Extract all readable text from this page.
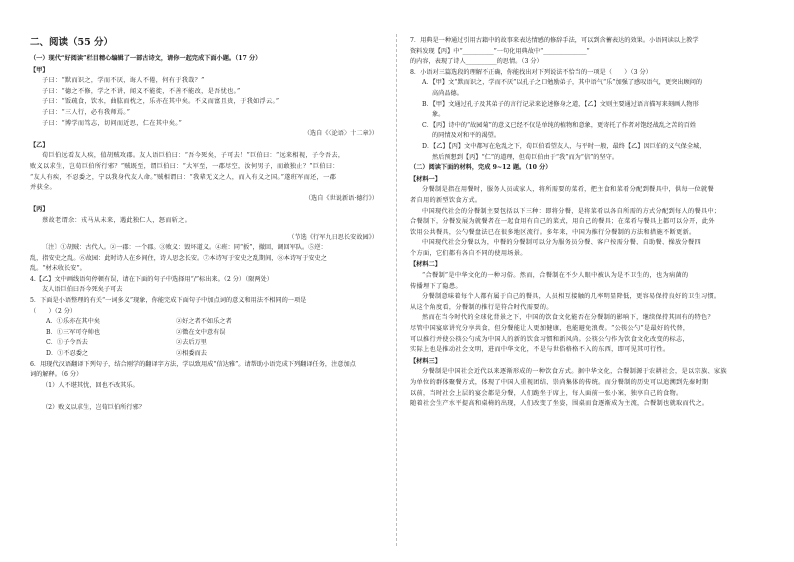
二、阅读（55 分）

（一）现代“好阅读”栏目精心编辑了一部古诗文，请你一起完成下面小题。（17 分）

【甲】

子曰：“默而识之，学而不厌，诲人不倦，何有于我哉？”

子曰：“德之不修，学之不讲，闻义不能徙，不善不能改，是吾忧也。”

子曰：“饭疏食，饮水，曲肱而枕之，乐亦在其中矣。不义而富且贵，于我如浮云。”

子曰：“三人行，必有我师焉。”

子曰：“博学而笃志，切问而近思，仁在其中矣。”

（选自《〈论语〉十二章》）

【乙】

荀巨伯远看友人疾，值胡贼攻郡。友人语巨伯曰：“吾今死矣，子可去！”巨伯曰：“远来相视，子令吾去，

败义以求生，岂荀巨伯所行邪？”贼既至，谓巨伯曰：“大军至，一郡尽空，汝何男子，而敢独止？”巨伯曰：

“友人有疾，不忍委之，宁以我身代友人命。”贼相谓曰：“我辈无义之人，而入有义之国。”遂班军而还，一郡

并获全。

（选自《世说新语·德行》）

【丙】

蔡故老谓余：戎马从未来，遇此独仁人，怒而斩之。

（节选《行军九日思长安故园》）

〔注〕①胡贼：古代人。②一郡：一个郡。③败义：毁坏道义。④班：同“扳”，撤回，调回军队。⑤逆：

乱，指安史之乱。⑥故园：此时诗人在乡间住，诗人思念长安。⑦本诗写于安史之乱期间，⑧本诗写于安史之

乱。“材未收长安”。

4.【乙】文中画线语句停顿有误，请在下面的句子中选择用“/”标出来。（2 分）（限两处）

友人语巨伯曰吾今死矣子可去

5．下面是小语整理的有关“一词多义”现象，你能完成下面句子中加点词的意义和用法不相同的一项是

（　　）（2 分）

A．①乐亦在其中矣	②好之者不如乐之者
B．①三军可夺帅也	②徵在文中意有误
C．①子令吾去	②去后万里
D．①不忍委之	②相委而去

6．用现代汉语翻译下列句子，结合刚学的翻译字方法，学以致用成“信达雅”。请帮助小语完成下列翻译任务，注意加点

词的解释。（6 分）

（1）人不堪其忧，回也不改其乐。

（2）败义以求生，岂荀巨伯所行邪？

7．用典是一种通过引用古籍中的故事来表达情感的修辞手法，可以到含蓄表达的效果。小语同读以上教学

资料发现【丙】中“__________”一句化用典故中“______________”

的内容，表现了诗人__________的思情。（3 分）

8．小语对三篇选段的理解不正确，你能找出对下列说法不恰当的一项是（　　）（3 分）

A．【甲】文“默而识之，学而不厌”以孔子之口勉励弟子，其中语气“乐”加强了感叹语气，更突出顾问的

高尚品德。

B．【甲】文通过孔子及其弟子的言行记录来论述修身之道，【乙】文则主要通过语言描写来刻画人物形

象。

C．【丙】诗中的“故园菊”的意义已经不仅是单纯的植物和意象，更寄托了作者对饱经战乱之苦的百姓

的同情及对和平的渴望。

D．【乙】【丙】文中都写在危乱之下，荀巨伯看望友人，与平时一般，最终【乙】因巨伯的义气保全城，

然后预想到【丙】“仁”的道理，但荀巨伯由于“我”而为“信”的坚守。

（二）阅读下面的材料，完成 9~12 题。（10 分）

【材料一】

分餐制是指在用餐时，服务人员或家人，将所需要的菜肴，把主食和菜肴分配到餐具中，供每一位就餐

者自用的新型饮食方式。

中国现代社会的分餐制主要包括以下三种：即将分餐，是将菜肴以各自所需的方式分配到每人的餐具中；

合餐制下，分餐发展为就餐者在一起食用有自己的菜式，用自己的餐具；在菜肴与餐具上都可以分开，此外

饮用公共餐具，公勺餐盘法已在很多地区流行。多年来，中国为推行分餐制的方法和措施不断更新。

中国现代社会分餐以为，中餐的分餐制可以分为服务员分餐、客户按需分餐、自助餐、操放分餐四

个方面，它们都有各自不同的使用场景。

【材料二】

“合餐制”是中华文化的一种习俗。然而，合餐制在不少人眼中被认为是不卫生的，也为病菌的

传播埋下了隐患。

分餐制意味着每个人都有属于自己的餐具，人员相互接触的几率明显降低，更容易保持良好的卫生习惯。

从这个角度看，分餐制的推行是符合时代需要的。

然而在当今时代的全球化背景之下，中国的饮食文化能否在分餐制的影响下，继续保持其固有的特色？

尽管中国宴席讲究分享共食，但分餐能让人更加健康，也能避免浪费。“公筷公勺”是最好的代替，

可以推行并使公筷公勺成为中国人的新的饮食习惯和新风尚。公筷公勺作为饮食文化改变的标志，

实际上也是推动社会文明，进而中华文化，不是与世俗格格不入的东西，即可见其可行性。

【材料三】

分餐制是中国社会近代以来逐渐形成的一种饮食方式。据中华文化，合餐制源于农耕社会，是以宗族、家族

为单位的群体聚餐方式，体现了中国人重视团结、崇尚集体的传统。而分餐制的历史可以追溯到先秦时期

以前，当时社会上层的宴会都是分餐，人们跪坐于席上，每人面前一张小案，独享自己的食物。

随着社会生产水平提高和桌椅的出现，人们改变了坐姿，围桌而食逐渐成为主流，合餐制也就取而代之。
